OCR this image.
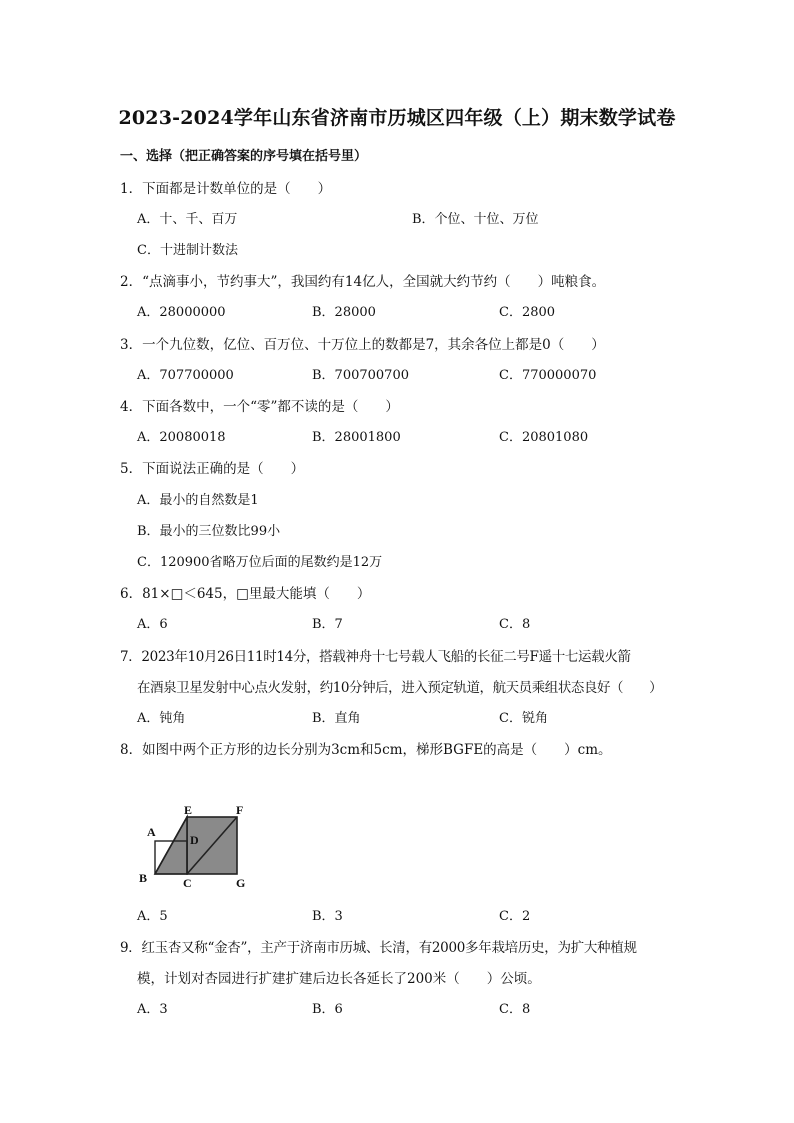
2023-2024学年山东省济南市历城区四年级（上）期末数学试卷
一、选择（把正确答案的序号填在括号里）
1．下面都是计数单位的是（　　）
A．十、千、百万	B．个位、十位、万位
C．十进制计数法
2．“点滴事小，节约事大”，我国约有14亿人，全国就大约节约（　　）吨粮食。
A．28000000	B．28000	C．2800
3．一个九位数，亿位、百万位、十万位上的数都是7，其余各位上都是0（　　）
A．707700000	B．700700700	C．770000070
4．下面各数中，一个“零”都不读的是（　　）
A．20080018	B．28001800	C．20801080
5．下面说法正确的是（　　）
A．最小的自然数是1
B．最小的三位数比99小
C．120900省略万位后面的尾数约是12万
6．81×□＜645，□里最大能填（　　）
A．6	B．7	C．8
7．2023年10月26日11时14分，搭载神舟十七号载人飞船的长征二号F遥十七运载火箭
在酒泉卫星发射中心点火发射，约10分钟后，进入预定轨道，航天员乘组状态良好（　　）
A．钝角	B．直角	C．锐角
8．如图中两个正方形的边长分别为3cm和5cm，梯形BGFE的高是（　　）cm。
A
B	C
D
E	F
G
A．5	B．3	C．2
9．红玉杏又称“金杏”，主产于济南市历城、长清，有2000多年栽培历史，为扩大种植规
模，计划对杏园进行扩建扩建后边长各延长了200米（　　）公顷。
A．3	B．6	C．8
